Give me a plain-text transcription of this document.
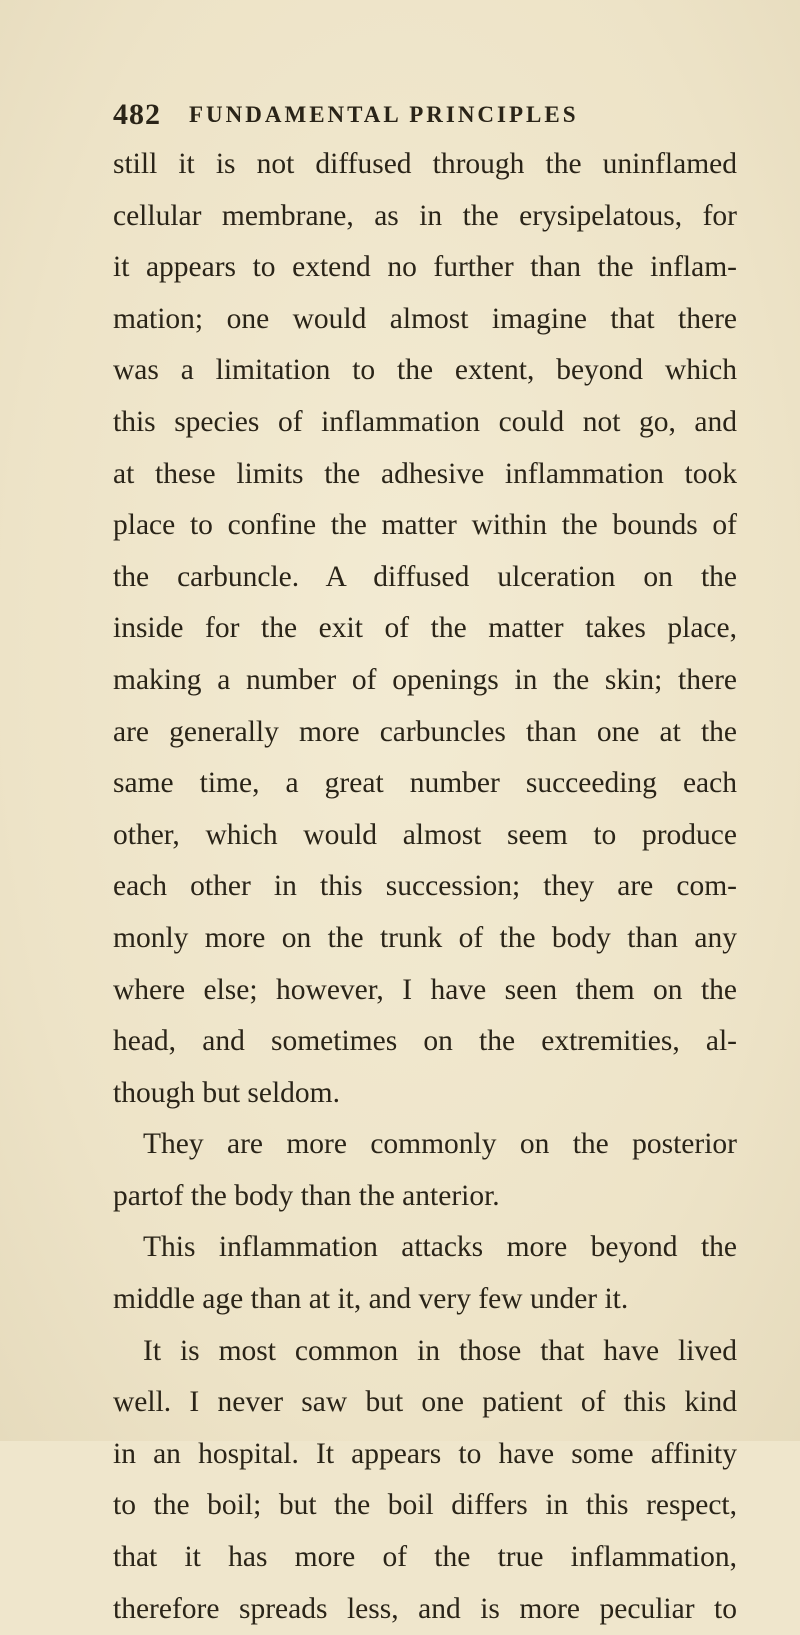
482 FUNDAMENTAL PRINCIPLES
still it is not diffused through the uninflamed
cellular membrane, as in the erysipelatous, for
it appears to extend no further than the inflam-
mation; one would almost imagine that there
was a limitation to the extent, beyond which
this species of inflammation could not go, and
at these limits the adhesive inflammation took
place to confine the matter within the bounds of
the carbuncle. A diffused ulceration on the
inside for the exit of the matter takes place,
making a number of openings in the skin; there
are generally more carbuncles than one at the
same time, a great number succeeding each
other, which would almost seem to produce
each other in this succession; they are com-
monly more on the trunk of the body than any
where else; however, I have seen them on the
head, and sometimes on the extremities, al-
though but seldom.
They are more commonly on the posterior
partof the body than the anterior.
This inflammation attacks more beyond the
middle age than at it, and very few under it.
It is most common in those that have lived
well. I never saw but one patient of this kind
in an hospital. It appears to have some affinity
to the boil; but the boil differs in this respect,
that it has more of the true inflammation,
therefore spreads less, and is more peculiar to
